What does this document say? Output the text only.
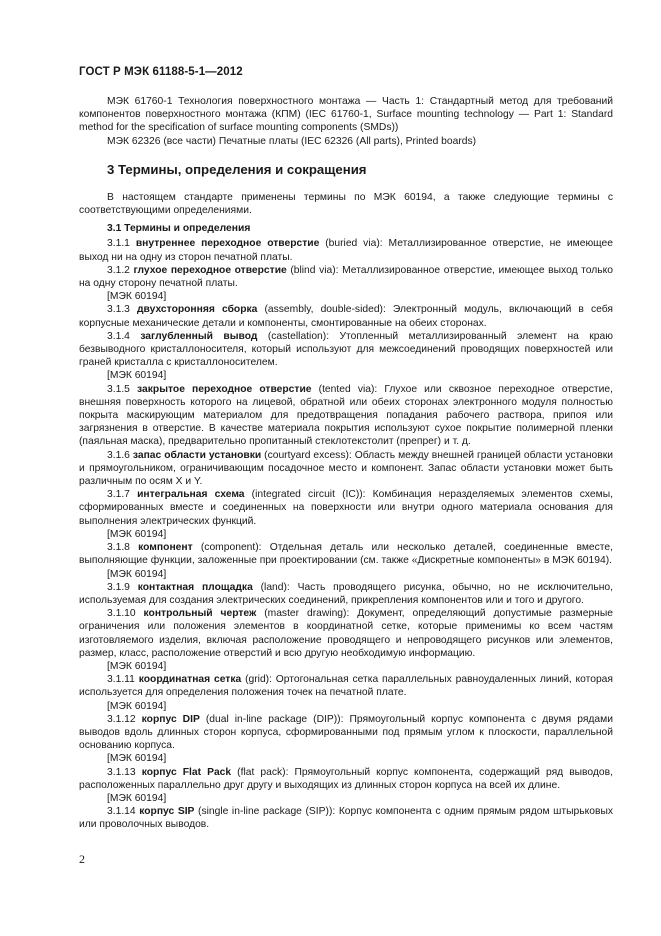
ГОСТ Р МЭК 61188-5-1—2012

МЭК 61760-1 Технология поверхностного монтажа — Часть 1: Стандартный метод для требований компонентов поверхностного монтажа (КПМ) (IEC 61760-1, Surface mounting technology — Part 1: Standard method for the specification of surface mounting components (SMDs))

МЭК 62326 (все части) Печатные платы (IEC 62326 (All parts), Printed boards)

3 Термины, определения и сокращения

В настоящем стандарте применены термины по МЭК 60194, а также следующие термины с соответствующими определениями.

3.1 Термины и определения

3.1.1 внутреннее переходное отверстие (buried via): Металлизированное отверстие, не имеющее выход ни на одну из сторон печатной платы.

3.1.2 глухое переходное отверстие (blind via): Металлизированное отверстие, имеющее выход только на одну сторону печатной платы.

[МЭК 60194]

3.1.3 двухсторонняя сборка (assembly, double-sided): Электронный модуль, включающий в себя корпусные механические детали и компоненты, смонтированные на обеих сторонах.

3.1.4 заглубленный вывод (castellation): Утопленный металлизированный элемент на краю безвыводного кристаллоносителя, который используют для межсоединений проводящих поверхностей или граней кристалла с кристаллоносителем.

[МЭК 60194]

3.1.5 закрытое переходное отверстие (tented via): Глухое или сквозное переходное отверстие, внешняя поверхность которого на лицевой, обратной или обеих сторонах электронного модуля полностью покрыта маскирующим материалом для предотвращения попадания рабочего раствора, припоя или загрязнения в отверстие. В качестве материала покрытия используют сухое покрытие полимерной пленки (паяльная маска), предварительно пропитанный стеклотекстолит (препрег) и т. д.

3.1.6 запас области установки (courtyard excess): Область между внешней границей области установки и прямоугольником, ограничивающим посадочное место и компонент. Запас области установки может быть различным по осям X и Y.

3.1.7 интегральная схема (integrated circuit (IC)): Комбинация неразделяемых элементов схемы, сформированных вместе и соединенных на поверхности или внутри одного материала основания для выполнения электрических функций.

[МЭК 60194]

3.1.8 компонент (component): Отдельная деталь или несколько деталей, соединенные вместе, выполняющие функции, заложенные при проектировании (см. также «Дискретные компоненты» в МЭК 60194).

[МЭК 60194]

3.1.9 контактная площадка (land): Часть проводящего рисунка, обычно, но не исключительно, используемая для создания электрических соединений, прикрепления компонентов или и того и другого.

3.1.10 контрольный чертеж (master drawing): Документ, определяющий допустимые размерные ограничения или положения элементов в координатной сетке, которые применимы ко всем частям изготовляемого изделия, включая расположение проводящего и непроводящего рисунков или элементов, размер, класс, расположение отверстий и всю другую необходимую информацию.

[МЭК 60194]

3.1.11 координатная сетка (grid): Ортогональная сетка параллельных равноудаленных линий, которая используется для определения положения точек на печатной плате.

[МЭК 60194]

3.1.12 корпус DIP (dual in-line package (DIP)): Прямоугольный корпус компонента с двумя рядами выводов вдоль длинных сторон корпуса, сформированными под прямым углом к плоскости, параллельной основанию корпуса.

[МЭК 60194]

3.1.13 корпус Flat Pack (flat pack): Прямоугольный корпус компонента, содержащий ряд выводов, расположенных параллельно друг другу и выходящих из длинных сторон корпуса на всей их длине.

[МЭК 60194]

3.1.14 корпус SIP (single in-line package (SIP)): Корпус компонента с одним прямым рядом штырьковых или проволочных выводов.

2
